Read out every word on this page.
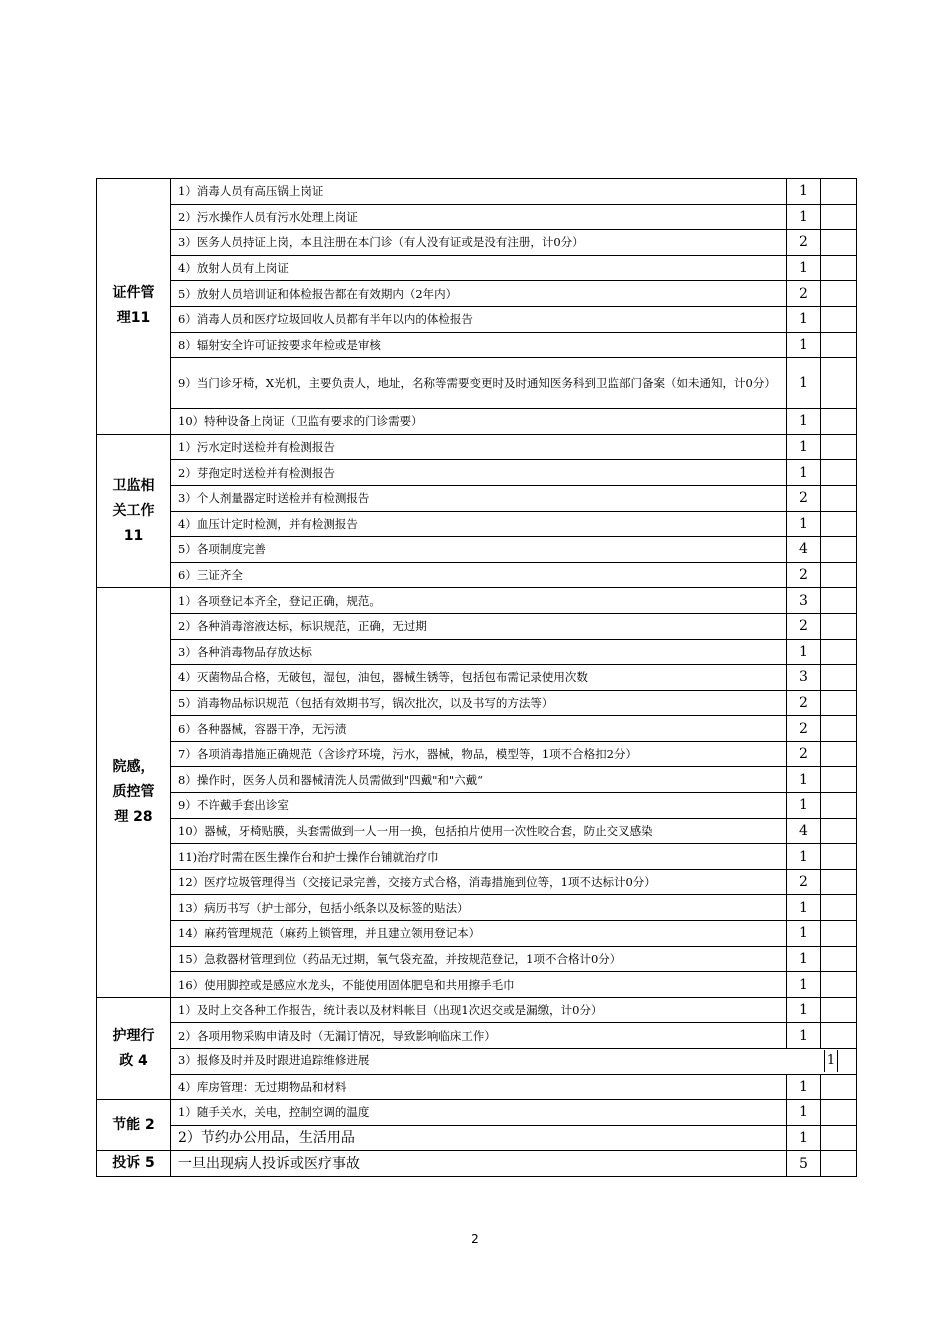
证件管理11	1）消毒人员有高压锅上岗证	1	
	2）污水操作人员有污水处理上岗证	1	
	3）医务人员持证上岗，本且注册在本门诊（有人没有证或是没有注册，计0分）	2	
	4）放射人员有上岗证	1	
	5）放射人员培训证和体检报告都在有效期内（2年内）	2	
	6）消毒人员和医疗垃圾回收人员都有半年以内的体检报告	1	
	8）辐射安全许可证按要求年检或是审核	1	
	9）当门诊牙椅，X光机，主要负责人，地址，名称等需要变更时及时通知医务科到卫监部门备案（如未通知，计0分）	1	
	10）特种设备上岗证（卫监有要求的门诊需要）	1	
卫监相关工作11	1）污水定时送检并有检测报告	1	
	2）芽孢定时送检并有检测报告	1	
	3）个人剂量器定时送检并有检测报告	2	
	4）血压计定时检测，并有检测报告	1	
	5）各项制度完善	4	
	6）三证齐全	2	
院感，质控管理 28	1）各项登记本齐全，登记正确，规范。	3	
	2）各种消毒溶液达标，标识规范，正确，无过期	2	
	3）各种消毒物品存放达标	1	
	4）灭菌物品合格，无破包，湿包，油包，器械生锈等，包括包布需记录使用次数	3	
	5）消毒物品标识规范（包括有效期书写，锅次批次，以及书写的方法等）	2	
	6）各种器械，容器干净，无污渍	2	
	7）各项消毒措施正确规范（含诊疗环境，污水，器械，物品，模型等，1项不合格扣2分）	2	
	8）操作时，医务人员和器械清洗人员需做到"四戴"和"六戴“	1	
	9）不许戴手套出诊室	1	
	10）器械，牙椅贴膜，头套需做到一人一用一换，包括拍片使用一次性咬合套，防止交叉感染	4	
	11)治疗时需在医生操作台和护士操作台铺就治疗巾	1	
	12）医疗垃圾管理得当（交接记录完善，交接方式合格，消毒措施到位等，1项不达标计0分）	2	
	13）病历书写（护士部分，包括小纸条以及标签的贴法）	1	
	14）麻药管理规范（麻药上锁管理，并且建立领用登记本）	1	
	15）急救器材管理到位（药品无过期，氧气袋充盈，并按规范登记，1项不合格计0分）	1	
	16）使用脚控或是感应水龙头，不能使用固体肥皂和共用擦手毛巾	1	
护理行政 4	1）及时上交各种工作报告，统计表以及材料帐目（出现1次迟交或是漏缴，计0分）	1	
	2）各项用物采购申请及时（无漏订情况，导致影响临床工作）	1	
	3）报修及时并及时跟进追踪维修进展 1		

	4）库房管理：无过期物品和材料	1	
节能 2	1）随手关水，关电，控制空调的温度	1	
	2）节约办公用品，生活用品	1	
投诉 5	一旦出现病人投诉或医疗事故	5	
2
